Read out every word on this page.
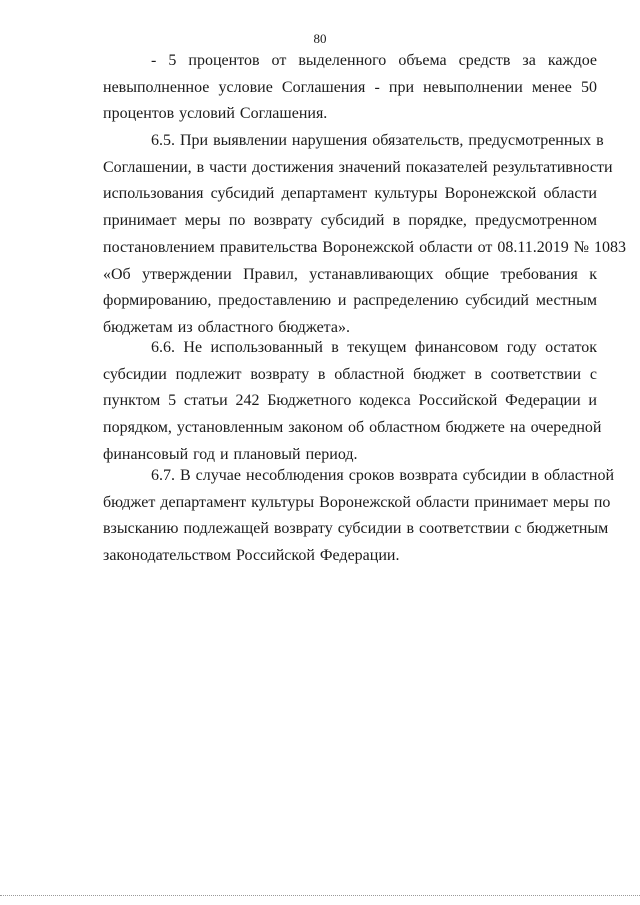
80
- 5 процентов от выделенного объема средств за каждое
невыполненное условие Соглашения - при невыполнении менее 50
процентов условий Соглашения.
6.5. При выявлении нарушения обязательств, предусмотренных в
Соглашении, в части достижения значений показателей результативности
использования субсидий департамент культуры Воронежской области
принимает меры по возврату субсидий в порядке, предусмотренном
постановлением правительства Воронежской области от 08.11.2019 № 1083
«Об утверждении Правил, устанавливающих общие требования к
формированию, предоставлению и распределению субсидий местным
бюджетам из областного бюджета».
6.6. Не использованный в текущем финансовом году остаток
субсидии подлежит возврату в областной бюджет в соответствии с
пунктом 5 статьи 242 Бюджетного кодекса Российской Федерации и
порядком, установленным законом об областном бюджете на очередной
финансовый год и плановый период.
6.7. В случае несоблюдения сроков возврата субсидии в областной
бюджет департамент культуры Воронежской области принимает меры по
взысканию подлежащей возврату субсидии в соответствии с бюджетным
законодательством Российской Федерации.
